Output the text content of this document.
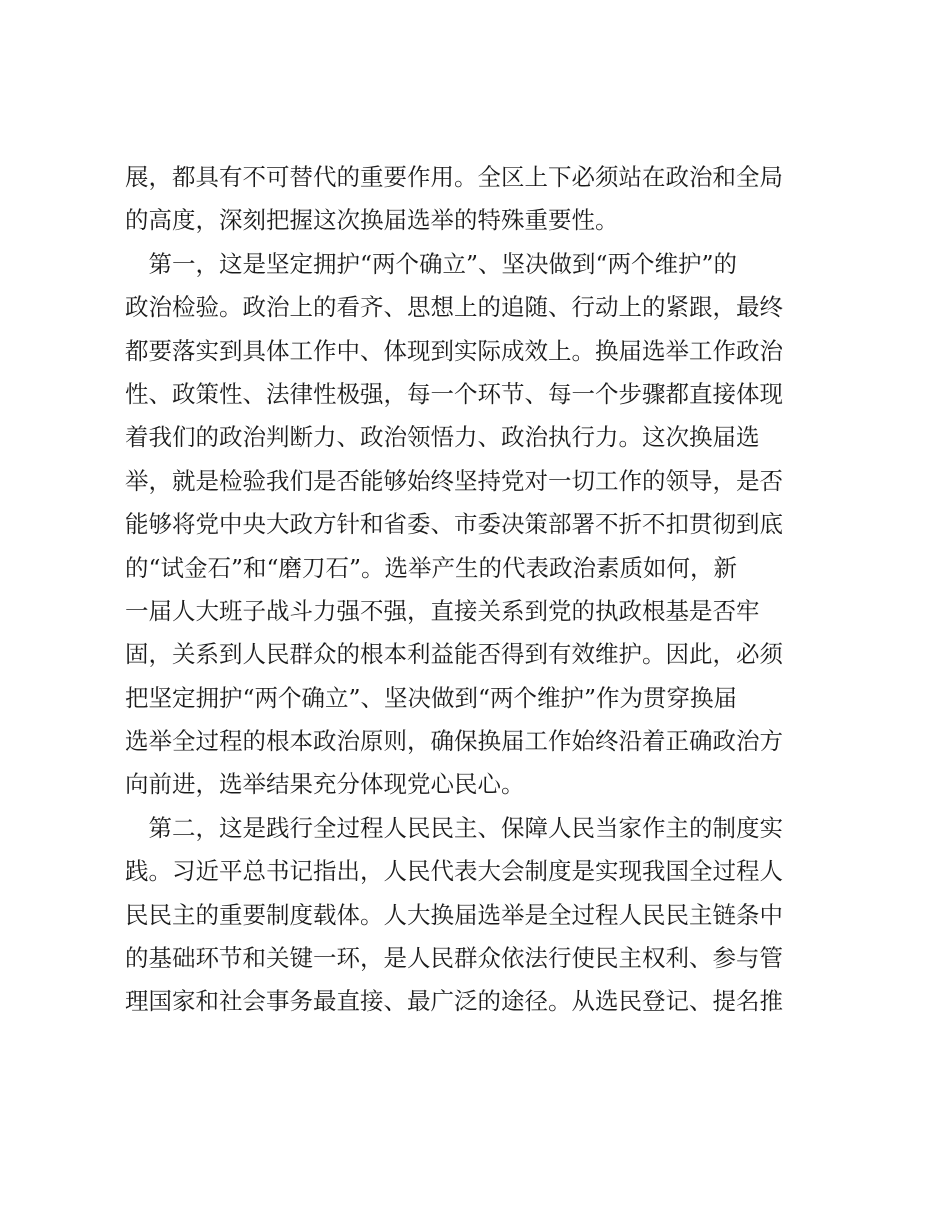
展，都具有不可替代的重要作用。全区上下必须站在政治和全局

的高度，深刻把握这次换届选举的特殊重要性。

　第一，这是坚定拥护“两个确立”、坚决做到“两个维护”的

政治检验。政治上的看齐、思想上的追随、行动上的紧跟，最终

都要落实到具体工作中、体现到实际成效上。换届选举工作政治

性、政策性、法律性极强，每一个环节、每一个步骤都直接体现

着我们的政治判断力、政治领悟力、政治执行力。这次换届选

举，就是检验我们是否能够始终坚持党对一切工作的领导，是否

能够将党中央大政方针和省委、市委决策部署不折不扣贯彻到底

的“试金石”和“磨刀石”。选举产生的代表政治素质如何，新

一届人大班子战斗力强不强，直接关系到党的执政根基是否牢

固，关系到人民群众的根本利益能否得到有效维护。因此，必须

把坚定拥护“两个确立”、坚决做到“两个维护”作为贯穿换届

选举全过程的根本政治原则，确保换届工作始终沿着正确政治方

向前进，选举结果充分体现党心民心。

　第二，这是践行全过程人民民主、保障人民当家作主的制度实

践。习近平总书记指出，人民代表大会制度是实现我国全过程人

民民主的重要制度载体。人大换届选举是全过程人民民主链条中

的基础环节和关键一环，是人民群众依法行使民主权利、参与管

理国家和社会事务最直接、最广泛的途径。从选民登记、提名推
